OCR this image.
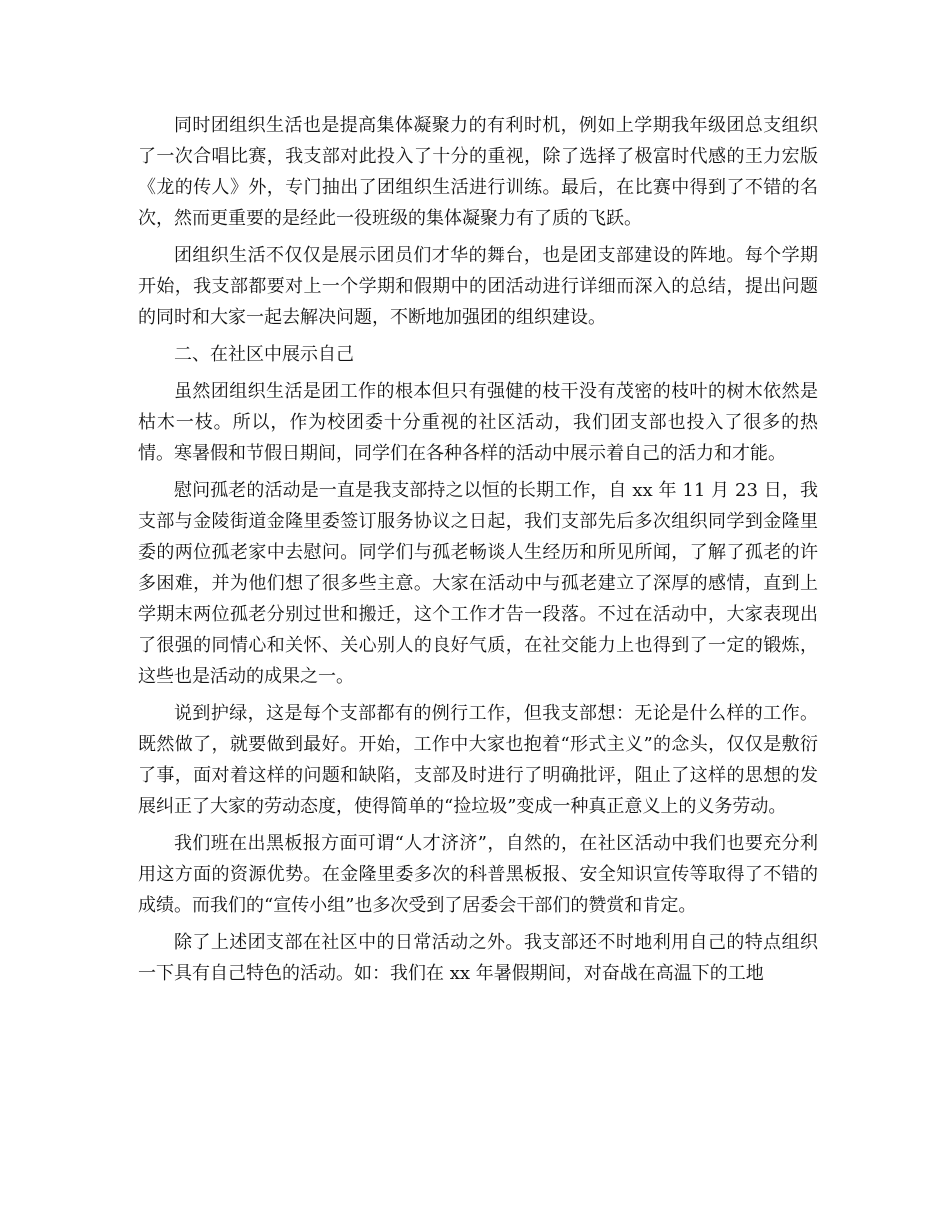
同时团组织生活也是提高集体凝聚力的有利时机，例如上学期我年级团总支组织了一次合唱比赛，我支部对此投入了十分的重视，除了选择了极富时代感的王力宏版《龙的传人》外，专门抽出了团组织生活进行训练。最后，在比赛中得到了不错的名次，然而更重要的是经此一役班级的集体凝聚力有了质的飞跃。

团组织生活不仅仅是展示团员们才华的舞台，也是团支部建设的阵地。每个学期开始，我支部都要对上一个学期和假期中的团活动进行详细而深入的总结，提出问题的同时和大家一起去解决问题，不断地加强团的组织建设。

二、在社区中展示自己

虽然团组织生活是团工作的根本但只有强健的枝干没有茂密的枝叶的树木依然是枯木一枝。所以，作为校团委十分重视的社区活动，我们团支部也投入了很多的热情。寒暑假和节假日期间，同学们在各种各样的活动中展示着自己的活力和才能。

慰问孤老的活动是一直是我支部持之以恒的长期工作，自 xx 年 11 月 23 日，我支部与金陵街道金隆里委签订服务协议之日起，我们支部先后多次组织同学到金隆里委的两位孤老家中去慰问。同学们与孤老畅谈人生经历和所见所闻，了解了孤老的许多困难，并为他们想了很多些主意。大家在活动中与孤老建立了深厚的感情，直到上学期末两位孤老分别过世和搬迁，这个工作才告一段落。不过在活动中，大家表现出了很强的同情心和关怀、关心别人的良好气质，在社交能力上也得到了一定的锻炼，这些也是活动的成果之一。

说到护绿，这是每个支部都有的例行工作，但我支部想：无论是什么样的工作。既然做了，就要做到最好。开始，工作中大家也抱着“形式主义”的念头，仅仅是敷衍了事，面对着这样的问题和缺陷，支部及时进行了明确批评，阻止了这样的思想的发展纠正了大家的劳动态度，使得简单的“捡垃圾”变成一种真正意义上的义务劳动。

我们班在出黑板报方面可谓“人才济济”，自然的，在社区活动中我们也要充分利用这方面的资源优势。在金隆里委多次的科普黑板报、安全知识宣传等取得了不错的成绩。而我们的“宣传小组”也多次受到了居委会干部们的赞赏和肯定。

除了上述团支部在社区中的日常活动之外。我支部还不时地利用自己的特点组织一下具有自己特色的活动。如：我们在 xx 年暑假期间，对奋战在高温下的工地
